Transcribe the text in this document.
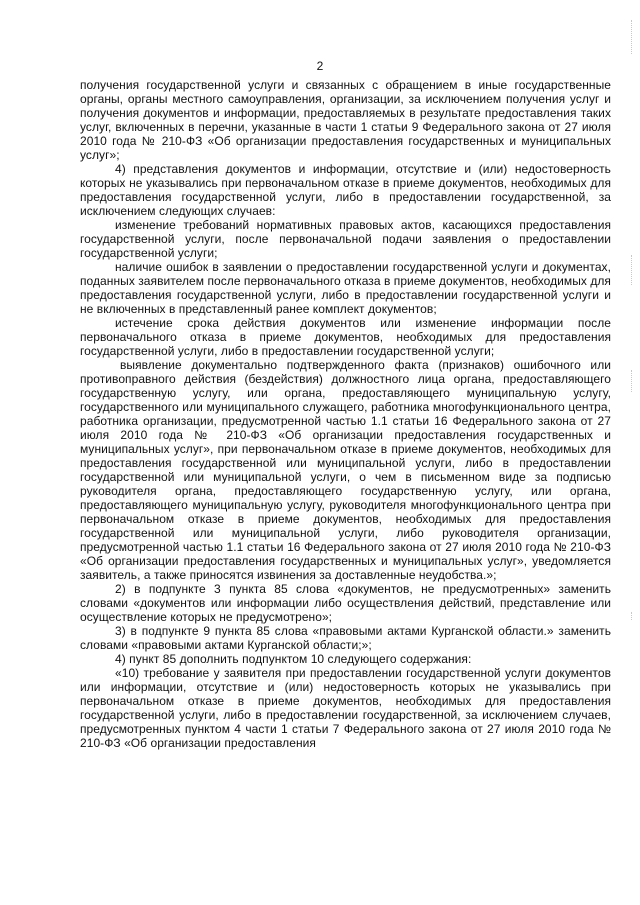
2

получения государственной услуги и связанных с обращением в иные государственные органы, органы местного самоуправления, организации, за исключением получения услуг и получения документов и информации, предоставляемых в результате предоставления таких услуг, включенных в перечни, указанные в части 1 статьи 9 Федерального закона от 27 июля 2010 года № 210-ФЗ «Об организации предоставления государственных и муниципальных услуг»;

4) представления документов и информации, отсутствие и (или) недостоверность которых не указывались при первоначальном отказе в приеме документов, необходимых для предоставления государственной услуги, либо в предоставлении государственной, за исключением следующих случаев:

изменение требований нормативных правовых актов, касающихся предоставления государственной услуги, после первоначальной подачи заявления о предоставлении государственной услуги;

наличие ошибок в заявлении о предоставлении государственной услуги и документах, поданных заявителем после первоначального отказа в приеме документов, необходимых для предоставления государственной услуги, либо в предоставлении государственной услуги и не включенных в представленный ранее комплект документов;

истечение срока действия документов или изменение информации после первоначального отказа в приеме документов, необходимых для предоставления государственной услуги, либо в предоставлении государственной услуги;

выявление документально подтвержденного факта (признаков) ошибочного или противоправного действия (бездействия) должностного лица органа, предоставляющего государственную услугу, или органа, предоставляющего муниципальную услугу, государственного или муниципального служащего, работника многофункционального центра, работника организации, предусмотренной частью 1.1 статьи 16 Федерального закона от 27 июля 2010 года № 210-ФЗ «Об организации предоставления государственных и муниципальных услуг», при первоначальном отказе в приеме документов, необходимых для предоставления государственной или муниципальной услуги, либо в предоставлении государственной или муниципальной услуги, о чем в письменном виде за подписью руководителя органа, предоставляющего государственную услугу, или органа, предоставляющего муниципальную услугу, руководителя многофункционального центра при первоначальном отказе в приеме документов, необходимых для предоставления государственной или муниципальной услуги, либо руководителя организации, предусмотренной частью 1.1 статьи 16 Федерального закона от 27 июля 2010 года № 210-ФЗ «Об организации предоставления государственных и муниципальных услуг», уведомляется заявитель, а также приносятся извинения за доставленные неудобства.»;

2) в подпункте 3 пункта 85 слова «документов, не предусмотренных» заменить словами «документов или информации либо осуществления действий, представление или осуществление которых не предусмотрено»;

3) в подпункте 9 пункта 85 слова «правовыми актами Курганской области.» заменить словами «правовыми актами Курганской области;»;

4) пункт 85 дополнить подпунктом 10 следующего содержания:

«10) требование у заявителя при предоставлении государственной услуги документов или информации, отсутствие и (или) недостоверность которых не указывались при первоначальном отказе в приеме документов, необходимых для предоставления государственной услуги, либо в предоставлении государственной, за исключением случаев, предусмотренных пунктом 4 части 1 статьи 7 Федерального закона от 27 июля 2010 года № 210-ФЗ «Об организации предоставления
